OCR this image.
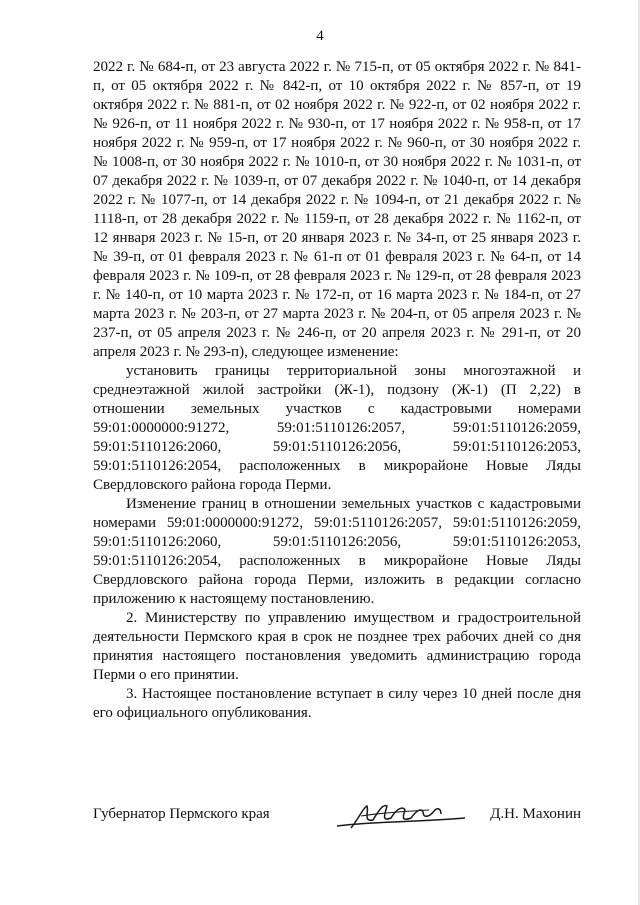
4

2022 г. № 684-п, от 23 августа 2022 г. № 715-п, от 05 октября 2022 г. № 841-п, от 05 октября 2022 г. № 842-п, от 10 октября 2022 г. № 857-п, от 19 октября 2022 г. № 881-п, от 02 ноября 2022 г. № 922-п, от 02 ноября 2022 г. № 926-п, от 11 ноября 2022 г. № 930-п, от 17 ноября 2022 г. № 958-п, от 17 ноября 2022 г. № 959-п, от 17 ноября 2022 г. № 960-п, от 30 ноября 2022 г. № 1008-п, от 30 ноября 2022 г. № 1010-п, от 30 ноября 2022 г. № 1031-п, от 07 декабря 2022 г. № 1039-п, от 07 декабря 2022 г. № 1040-п, от 14 декабря 2022 г. № 1077-п, от 14 декабря 2022 г. № 1094-п, от 21 декабря 2022 г. № 1118-п, от 28 декабря 2022 г. № 1159-п, от 28 декабря 2022 г. № 1162-п, от 12 января 2023 г. № 15-п, от 20 января 2023 г. № 34-п, от 25 января 2023 г. № 39-п, от 01 февраля 2023 г. № 61-п от 01 февраля 2023 г. № 64-п, от 14 февраля 2023 г. № 109-п, от 28 февраля 2023 г. № 129-п, от 28 февраля 2023 г. № 140-п, от 10 марта 2023 г. № 172-п, от 16 марта 2023 г. № 184-п, от 27 марта 2023 г. № 203-п, от 27 марта 2023 г. № 204-п, от 05 апреля 2023 г. № 237-п, от 05 апреля 2023 г. № 246-п, от 20 апреля 2023 г. № 291-п, от 20 апреля 2023 г. № 293-п), следующее изменение:

установить границы территориальной зоны многоэтажной и среднеэтажной жилой застройки (Ж-1), подзону (Ж-1) (П 2,22) в отношении земельных участков с кадастровыми номерами 59:01:0000000:91272, 59:01:5110126:2057, 59:01:5110126:2059, 59:01:5110126:2060, 59:01:5110126:2056, 59:01:5110126:2053, 59:01:5110126:2054, расположенных в микрорайоне Новые Ляды Свердловского района города Перми.

Изменение границ в отношении земельных участков с кадастровыми номерами 59:01:0000000:91272, 59:01:5110126:2057, 59:01:5110126:2059, 59:01:5110126:2060, 59:01:5110126:2056, 59:01:5110126:2053, 59:01:5110126:2054, расположенных в микрорайоне Новые Ляды Свердловского района города Перми, изложить в редакции согласно приложению к настоящему постановлению.

2. Министерству по управлению имуществом и градостроительной деятельности Пермского края в срок не позднее трех рабочих дней со дня принятия настоящего постановления уведомить администрацию города Перми о его принятии.

3. Настоящее постановление вступает в силу через 10 дней после дня его официального опубликования.

Губернатор Пермского края	Д.Н. Махонин
